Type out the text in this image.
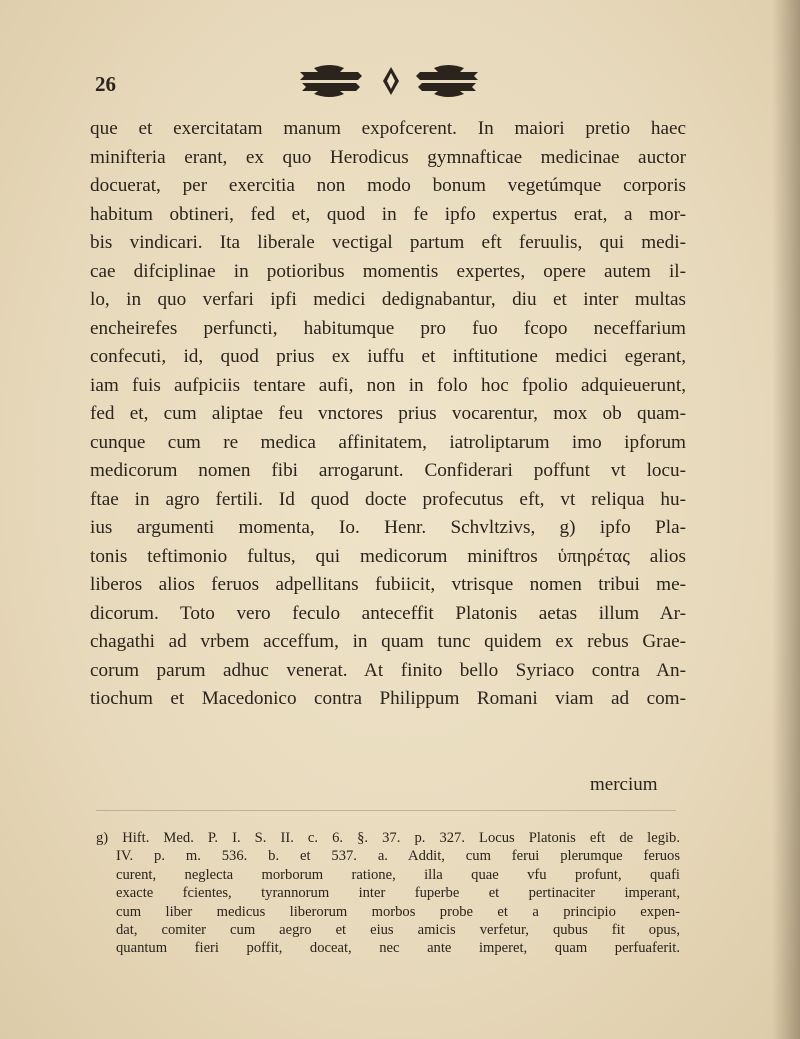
26
que et exercitatam manum expofcerent. In maiori pretio haec
minifteria erant, ex quo Herodicus gymnafticae medicinae auctor
docuerat, per exercitia non modo bonum vegetúmque corporis
habitum obtineri, fed et, quod in fe ipfo expertus erat, a mor-
bis vindicari. Ita liberale vectigal partum eft feruulis, qui medi-
cae difciplinae in potioribus momentis expertes, opere autem il-
lo, in quo verfari ipfi medici dedignabantur, diu et inter multas
encheirefes perfuncti, habitumque pro fuo fcopo neceffarium
confecuti, id, quod prius ex iuffu et inftitutione medici egerant,
iam fuis aufpiciis tentare aufi, non in folo hoc fpolio adquieuerunt,
fed et, cum aliptae feu vnctores prius vocarentur, mox ob quam-
cunque cum re medica affinitatem, iatroliptarum imo ipforum
medicorum nomen fibi arrogarunt. Confiderari poffunt vt locu-
ftae in agro fertili. Id quod docte profecutus eft, vt reliqua hu-
ius argumenti momenta, Io. Henr. Schvltzivs, g) ipfo Pla-
tonis teftimonio fultus, qui medicorum miniftros ὑπηρέτας alios
liberos alios feruos adpellitans fubiicit, vtrisque nomen tribui me-
dicorum. Toto vero feculo anteceffit Platonis aetas illum Ar-
chagathi ad vrbem acceffum, in quam tunc quidem ex rebus Grae-
corum parum adhuc venerat. At finito bello Syriaco contra An-
tiochum et Macedonico contra Philippum Romani viam ad com-
mercium
g) Hift. Med. P. I. S. II. c. 6. §. 37. p. 327. Locus Platonis eft de legib.
IV. p. m. 536. b. et 537. a. Addit, cum ferui plerumque feruos
curent, neglecta morborum ratione, illa quae vfu profunt, quafi
exacte fcientes, tyrannorum inter fuperbe et pertinaciter imperant,
cum liber medicus liberorum morbos probe et a principio expen-
dat, comiter cum aegro et eius amicis verfetur, qubus fit opus,
quantum fieri poffit, doceat, nec ante imperet, quam perfuaferit.
